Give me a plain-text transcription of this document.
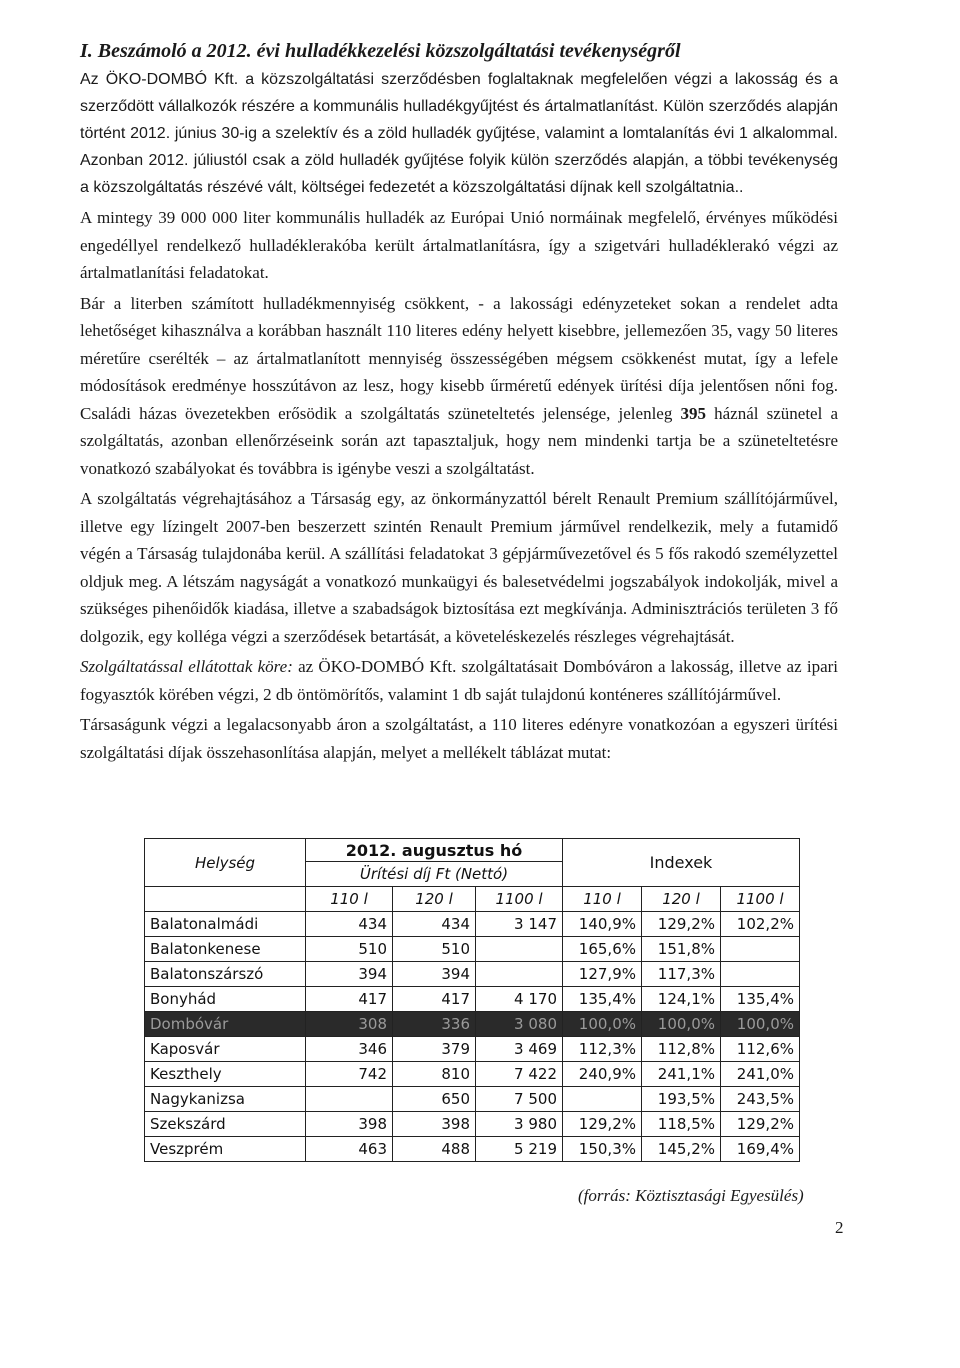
I. Beszámoló a 2012. évi hulladékkezelési közszolgáltatási tevékenységről

Az ÖKO-DOMBÓ Kft. a közszolgáltatási szerződésben foglaltaknak megfelelően végzi a lakosság és a szerződött vállalkozók részére a kommunális hulladékgyűjtést és ártalmatlanítást. Külön szerződés alapján történt 2012. június 30-ig a szelektív és a zöld hulladék gyűjtése, valamint a lomtalanítás évi 1 alkalommal. Azonban 2012. júliustól csak a zöld hulladék gyűjtése folyik külön szerződés alapján, a többi tevékenység a közszolgáltatás részévé vált, költségei fedezetét a közszolgáltatási díjnak kell szolgáltatnia..

A mintegy 39 000 000 liter kommunális hulladék az Európai Unió normáinak megfelelő, érvényes működési engedéllyel rendelkező hulladéklerakóba került ártalmatlanításra, így a szigetvári hulladéklerakó végzi az ártalmatlanítási feladatokat.

Bár a literben számított hulladékmennyiség csökkent, - a lakossági edényzeteket sokan a rendelet adta lehetőséget kihasználva a korábban használt 110 literes edény helyett kisebbre, jellemezően 35, vagy 50 literes méretűre cserélték – az ártalmatlanított mennyiség összességében mégsem csökkenést mutat, így a lefele módosítások eredménye hosszútávon az lesz, hogy kisebb űrméretű edények ürítési díja jelentősen nőni fog. Családi házas övezetekben erősödik a szolgáltatás szüneteltetés jelensége, jelenleg 395 háznál szünetel a szolgáltatás, azonban ellenőrzéseink során azt tapasztaljuk, hogy nem mindenki tartja be a szüneteltetésre vonatkozó szabályokat és továbbra is igénybe veszi a szolgáltatást.

A szolgáltatás végrehajtásához a Társaság egy, az önkormányzattól bérelt Renault Premium szállítójárművel, illetve egy lízingelt 2007-ben beszerzett szintén Renault Premium járművel rendelkezik, mely a futamidő végén a Társaság tulajdonába kerül. A szállítási feladatokat 3 gépjárművezetővel és 5 fős rakodó személyzettel oldjuk meg. A létszám nagyságát a vonatkozó munkaügyi és balesetvédelmi jogszabályok indokolják, mivel a szükséges pihenőidők kiadása, illetve a szabadságok biztosítása ezt megkívánja. Adminisztrációs területen 3 fő dolgozik, egy kolléga végzi a szerződések betartását, a követeléskezelés részleges végrehajtását.

Szolgáltatással ellátottak köre: az ÖKO-DOMBÓ Kft. szolgáltatásait Dombóváron a lakosság, illetve az ipari fogyasztók körében végzi, 2 db öntömörítős, valamint 1 db saját tulajdonú konténeres szállítójárművel.

Társaságunk végzi a legalacsonyabb áron a szolgáltatást, a 110 literes edényre vonatkozóan a egyszeri ürítési szolgáltatási díjak összehasonlítása alapján, melyet a mellékelt táblázat mutat:

Helység	2012. augusztus hó			Indexek		
	Ürítési díj Ft (Nettó)					
	110 l	120 l	1100 l	110 l	120 l	1100 l
Balatonalmádi	434	434	3 147	140,9%	129,2%	102,2%
Balatonkenese	510	510		165,6%	151,8%	
Balatonszárszó	394	394		127,9%	117,3%	
Bonyhád	417	417	4 170	135,4%	124,1%	135,4%
Dombóvár	308	336	3 080	100,0%	100,0%	100,0%
Kaposvár	346	379	3 469	112,3%	112,8%	112,6%
Keszthely	742	810	7 422	240,9%	241,1%	241,0%
Nagykanizsa		650	7 500		193,5%	243,5%
Szekszárd	398	398	3 980	129,2%	118,5%	129,2%
Veszprém	463	488	5 219	150,3%	145,2%	169,4%
(forrás: Köztisztasági Egyesülés)
2
